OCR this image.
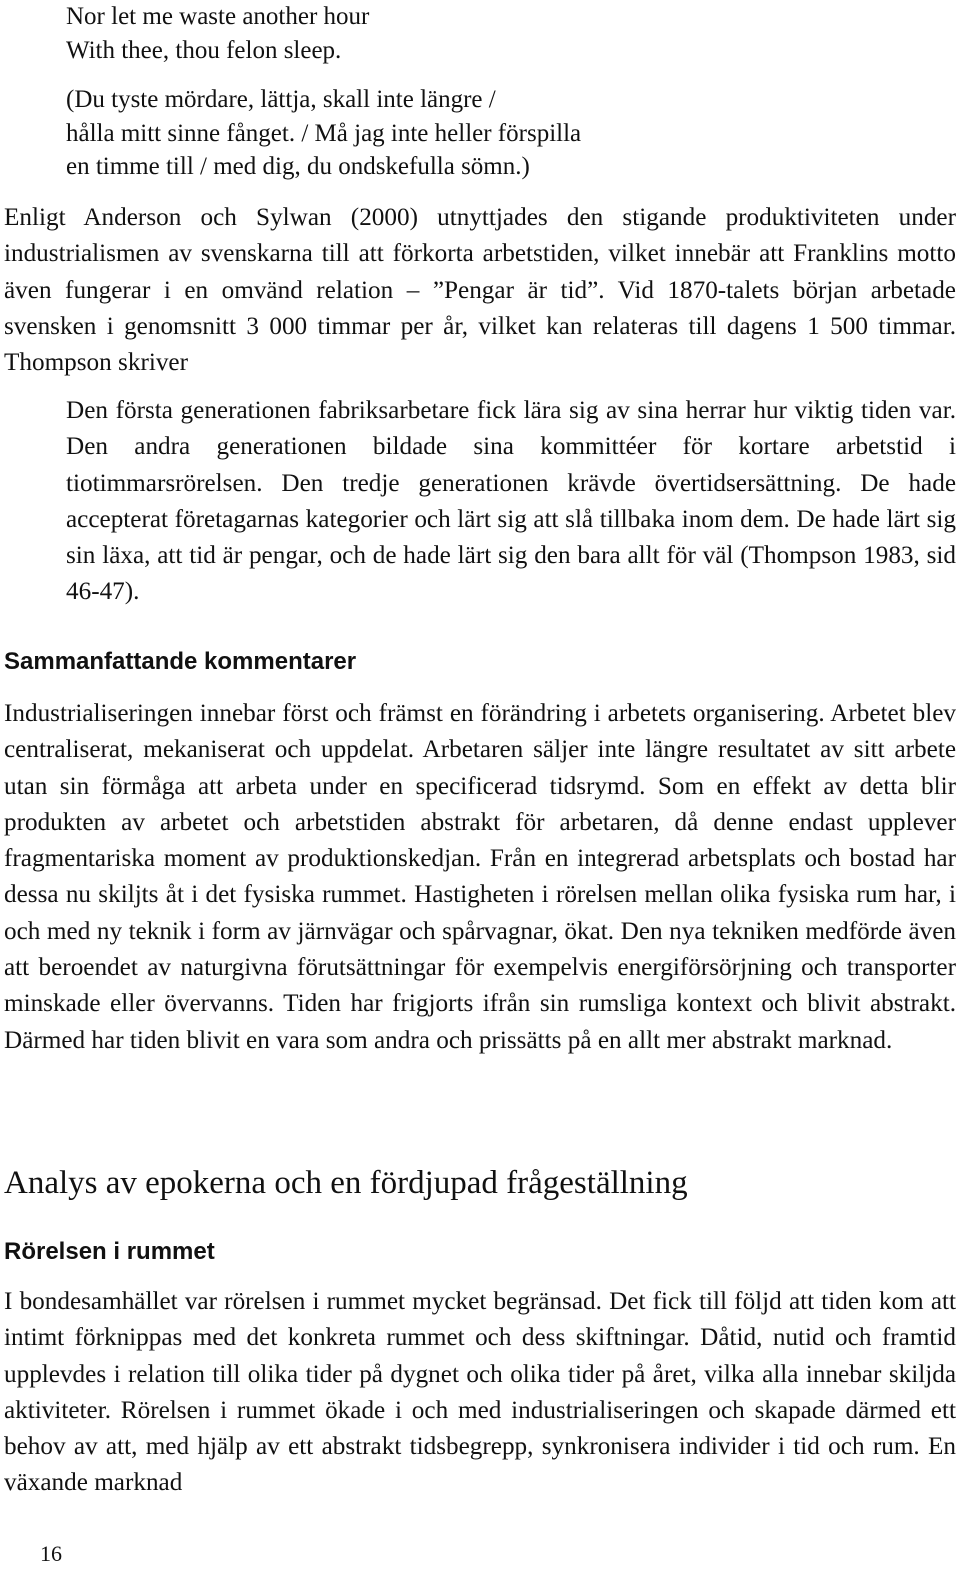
Nor let me waste another hour
With thee, thou felon sleep.
(Du tyste mördare, lättja, skall inte längre /
hålla mitt sinne fånget. / Må jag inte heller förspilla
en timme till / med dig, du ondskefulla sömn.)
Enligt Anderson och Sylwan (2000) utnyttjades den stigande produktiviteten under industrialismen av svenskarna till att förkorta arbetstiden, vilket innebär att Franklins motto även fungerar i en omvänd relation – ”Pengar är tid”. Vid 1870-talets början arbetade svensken i genomsnitt 3 000 timmar per år, vilket kan relateras till dagens 1 500 timmar. Thompson skriver
Den första generationen fabriksarbetare fick lära sig av sina herrar hur viktig tiden var. Den andra generationen bildade sina kommittéer för kortare arbetstid i tiotimmarsrörelsen. Den tredje generationen krävde övertidsersättning. De hade accepterat företagarnas kategorier och lärt sig att slå tillbaka inom dem. De hade lärt sig sin läxa, att tid är pengar, och de hade lärt sig den bara allt för väl (Thompson 1983, sid 46-47).
Sammanfattande kommentarer
Industrialiseringen innebar först och främst en förändring i arbetets organisering. Arbetet blev centraliserat, mekaniserat och uppdelat. Arbetaren säljer inte längre resultatet av sitt arbete utan sin förmåga att arbeta under en specificerad tidsrymd. Som en effekt av detta blir produkten av arbetet och arbetstiden abstrakt för arbetaren, då denne endast upplever fragmentariska moment av produktionskedjan. Från en integrerad arbetsplats och bostad har dessa nu skiljts åt i det fysiska rummet. Hastigheten i rörelsen mellan olika fysiska rum har, i och med ny teknik i form av järnvägar och spårvagnar, ökat. Den nya tekniken medförde även att beroendet av naturgivna förutsättningar för exempelvis energiförsörjning och transporter minskade eller övervanns. Tiden har frigjorts ifrån sin rumsliga kontext och blivit abstrakt. Därmed har tiden blivit en vara som andra och prissätts på en allt mer abstrakt marknad.
Analys av epokerna och en fördjupad frågeställning
Rörelsen i rummet
I bondesamhället var rörelsen i rummet mycket begränsad. Det fick till följd att tiden kom att intimt förknippas med det konkreta rummet och dess skiftningar. Dåtid, nutid och framtid upplevdes i relation till olika tider på dygnet och olika tider på året, vilka alla innebar skiljda aktiviteter. Rörelsen i rummet ökade i och med industrialiseringen och skapade därmed ett behov av att, med hjälp av ett abstrakt tidsbegrepp, synkronisera individer i tid och rum. En växande marknad
16
